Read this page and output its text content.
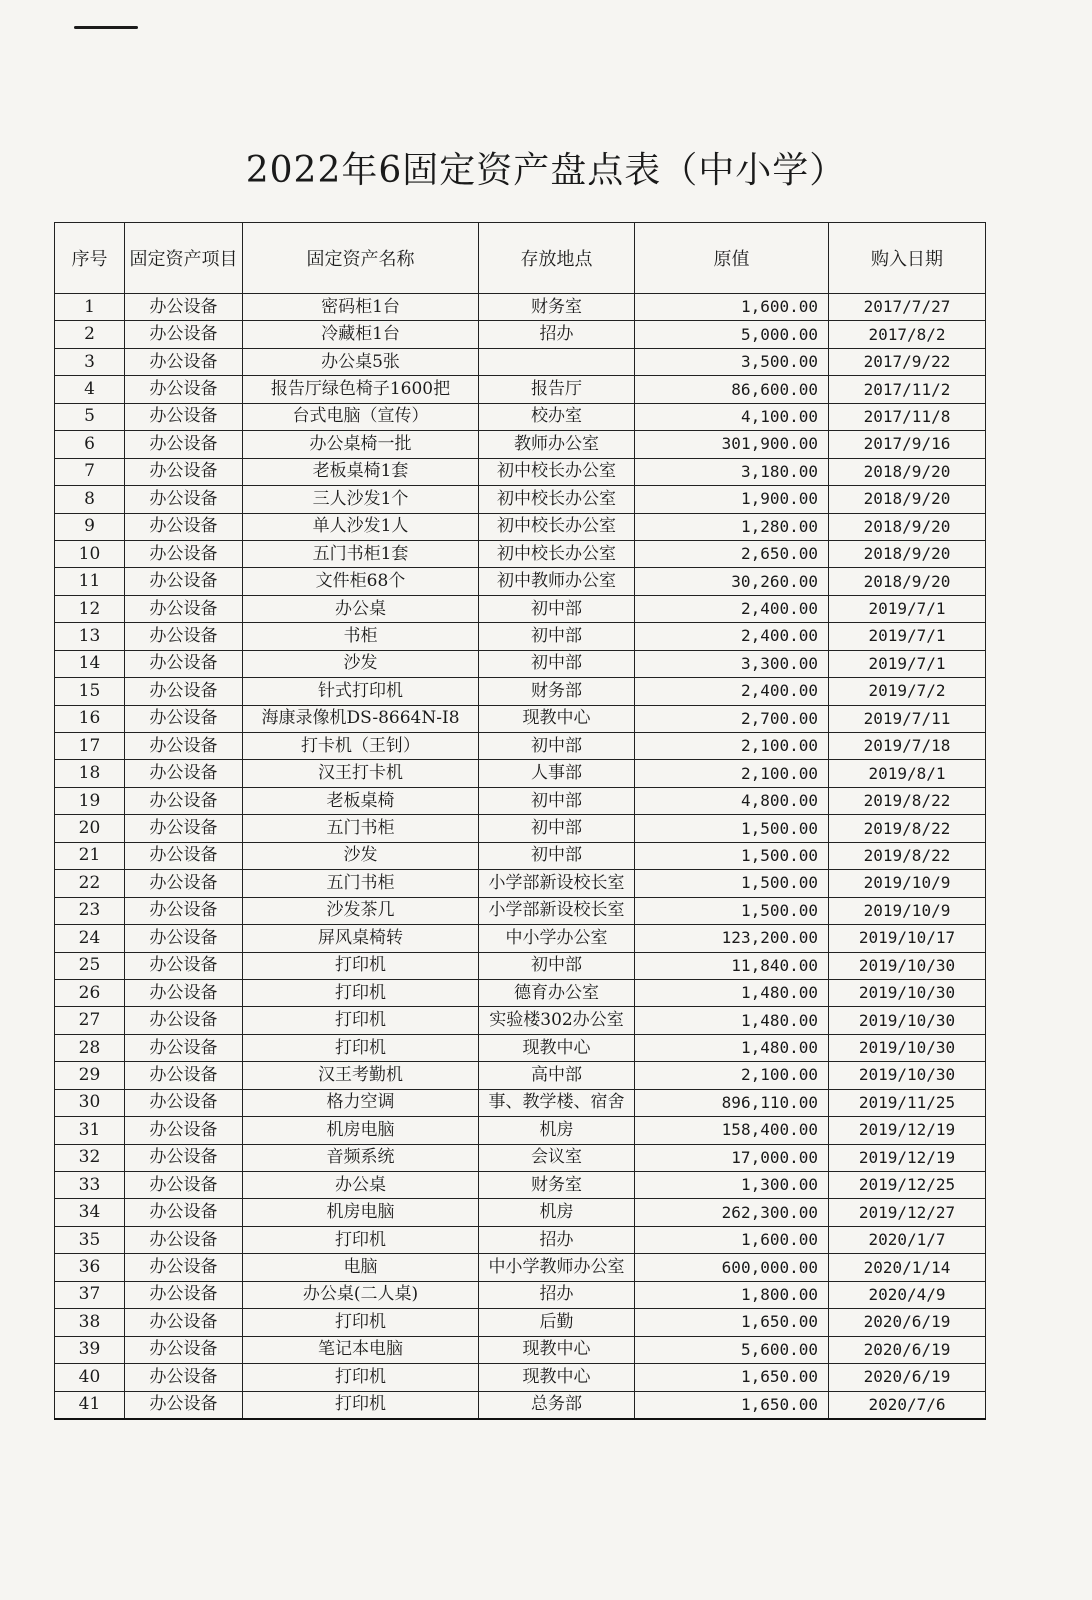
2022年6固定资产盘点表（中小学）
序号	固定资产项目	固定资产名称	存放地点	原值	购入日期
1	办公设备	密码柜1台	财务室	1,600.00	2017/7/27
2	办公设备	冷藏柜1台	招办	5,000.00	2017/8/2
3	办公设备	办公桌5张		3,500.00	2017/9/22
4	办公设备	报告厅绿色椅子1600把	报告厅	86,600.00	2017/11/2
5	办公设备	台式电脑（宣传）	校办室	4,100.00	2017/11/8
6	办公设备	办公桌椅一批	教师办公室	301,900.00	2017/9/16
7	办公设备	老板桌椅1套	初中校长办公室	3,180.00	2018/9/20
8	办公设备	三人沙发1个	初中校长办公室	1,900.00	2018/9/20
9	办公设备	单人沙发1人	初中校长办公室	1,280.00	2018/9/20
10	办公设备	五门书柜1套	初中校长办公室	2,650.00	2018/9/20
11	办公设备	文件柜68个	初中教师办公室	30,260.00	2018/9/20
12	办公设备	办公桌	初中部	2,400.00	2019/7/1
13	办公设备	书柜	初中部	2,400.00	2019/7/1
14	办公设备	沙发	初中部	3,300.00	2019/7/1
15	办公设备	针式打印机	财务部	2,400.00	2019/7/2
16	办公设备	海康录像机DS-8664N-I8	现教中心	2,700.00	2019/7/11
17	办公设备	打卡机（王钊）	初中部	2,100.00	2019/7/18
18	办公设备	汉王打卡机	人事部	2,100.00	2019/8/1
19	办公设备	老板桌椅	初中部	4,800.00	2019/8/22
20	办公设备	五门书柜	初中部	1,500.00	2019/8/22
21	办公设备	沙发	初中部	1,500.00	2019/8/22
22	办公设备	五门书柜	小学部新设校长室	1,500.00	2019/10/9
23	办公设备	沙发茶几	小学部新设校长室	1,500.00	2019/10/9
24	办公设备	屏风桌椅转	中小学办公室	123,200.00	2019/10/17
25	办公设备	打印机	初中部	11,840.00	2019/10/30
26	办公设备	打印机	德育办公室	1,480.00	2019/10/30
27	办公设备	打印机	实验楼302办公室	1,480.00	2019/10/30
28	办公设备	打印机	现教中心	1,480.00	2019/10/30
29	办公设备	汉王考勤机	高中部	2,100.00	2019/10/30
30	办公设备	格力空调	事、教学楼、宿舍	896,110.00	2019/11/25
31	办公设备	机房电脑	机房	158,400.00	2019/12/19
32	办公设备	音频系统	会议室	17,000.00	2019/12/19
33	办公设备	办公桌	财务室	1,300.00	2019/12/25
34	办公设备	机房电脑	机房	262,300.00	2019/12/27
35	办公设备	打印机	招办	1,600.00	2020/1/7
36	办公设备	电脑	中小学教师办公室	600,000.00	2020/1/14
37	办公设备	办公桌(二人桌)	招办	1,800.00	2020/4/9
38	办公设备	打印机	后勤	1,650.00	2020/6/19
39	办公设备	笔记本电脑	现教中心	5,600.00	2020/6/19
40	办公设备	打印机	现教中心	1,650.00	2020/6/19
41	办公设备	打印机	总务部	1,650.00	2020/7/6
